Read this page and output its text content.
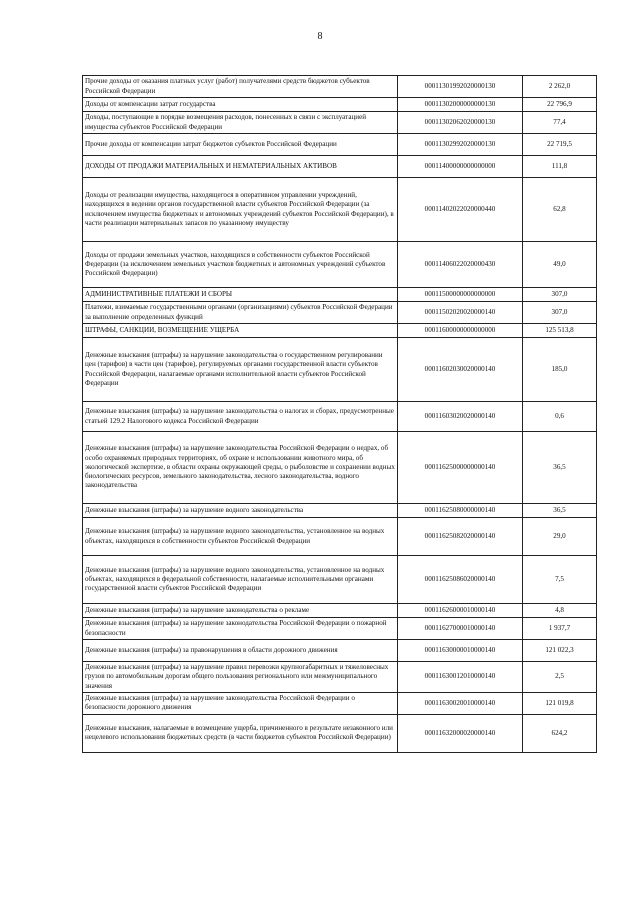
8
Прочие доходы от оказания платных услуг (работ) получателями средств бюджетов субъектов Российской Федерации	00011301992020000130	2 262,0
Доходы от компенсации затрат государства	00011302000000000130	22 796,9
Доходы, поступающие в порядке возмещения расходов, понесенных в связи с эксплуатацией имущества субъектов Российской Федерации	00011302062020000130	77,4
Прочие доходы от компенсации затрат бюджетов субъектов Российской Федерации	00011302992020000130	22 719,5
ДОХОДЫ ОТ ПРОДАЖИ МАТЕРИАЛЬНЫХ И НЕМАТЕРИАЛЬНЫХ АКТИВОВ	00011400000000000000	111,8
Доходы от реализации имущества, находящегося в оперативном управлении учреждений, находящихся в ведении органов государственной власти субъектов Российской Федерации (за исключением имущества бюджетных и автономных учреждений субъектов Российской Федерации), в части реализации материальных запасов по указанному имуществу	00011402022020000440	62,8
Доходы от продажи земельных участков, находящихся в собственности субъектов Российской Федерации (за исключением земельных участков бюджетных и автономных учреждений субъектов Российской Федерации)	00011406022020000430	49,0
АДМИНИСТРАТИВНЫЕ ПЛАТЕЖИ И СБОРЫ	00011500000000000000	307,0
Платежи, взимаемые государственными органами (организациями) субъектов Российской Федерации за выполнение определенных функций	00011502020020000140	307,0
ШТРАФЫ, САНКЦИИ, ВОЗМЕЩЕНИЕ УЩЕРБА	00011600000000000000	125 513,8
Денежные взыскания (штрафы) за нарушение законодательства о государственном регулировании цен (тарифов) в части цен (тарифов), регулируемых органами государственной власти субъектов Российской Федерации, налагаемые органами исполнительной власти субъектов Российской Федерации	00011602030020000140	185,0
Денежные взыскания (штрафы) за нарушение законодательства о налогах и сборах, предусмотренные статьей 129.2 Налогового кодекса Российской Федерации	00011603020020000140	0,6
Денежные взыскания (штрафы) за нарушение законодательства Российской Федерации о недрах, об особо охраняемых природных территориях, об охране и использовании животного мира, об экологической экспертизе, в области охраны окружающей среды, о рыболовстве и сохранении водных биологических ресурсов, земельного законодательства, лесного законодательства, водного законодательства	00011625000000000140	36,5
Денежные взыскания (штрафы) за нарушение водного законодательства	00011625080000000140	36,5
Денежные взыскания (штрафы) за нарушение водного законодательства, установленное на водных объектах, находящихся в собственности субъектов Российской Федерации	00011625082020000140	29,0
Денежные взыскания (штрафы) за нарушение водного законодательства, установленное на водных объектах, находящихся в федеральной собственности, налагаемые исполнительными органами государственной власти субъектов Российской Федерации	00011625086020000140	7,5
Денежные взыскания (штрафы) за нарушение законодательства о рекламе	00011626000010000140	4,8
Денежные взыскания (штрафы) за нарушение законодательства Российской Федерации о пожарной безопасности	00011627000010000140	1 937,7
Денежные взыскания (штрафы) за правонарушения в области дорожного движения	00011630000010000140	121 022,3
Денежные взыскания (штрафы) за нарушение правил перевозки крупногабаритных и тяжеловесных грузов по автомобильным дорогам общего пользования регионального или межмуниципального значения	00011630012010000140	2,5
Денежные взыскания (штрафы) за нарушение законодательства Российской Федерации о безопасности дорожного движения	00011630020010000140	121 019,8
Денежные взыскания, налагаемые в возмещение ущерба, причиненного в результате незаконного или нецелевого использования бюджетных средств (в части бюджетов субъектов Российской Федерации)	00011632000020000140	624,2
